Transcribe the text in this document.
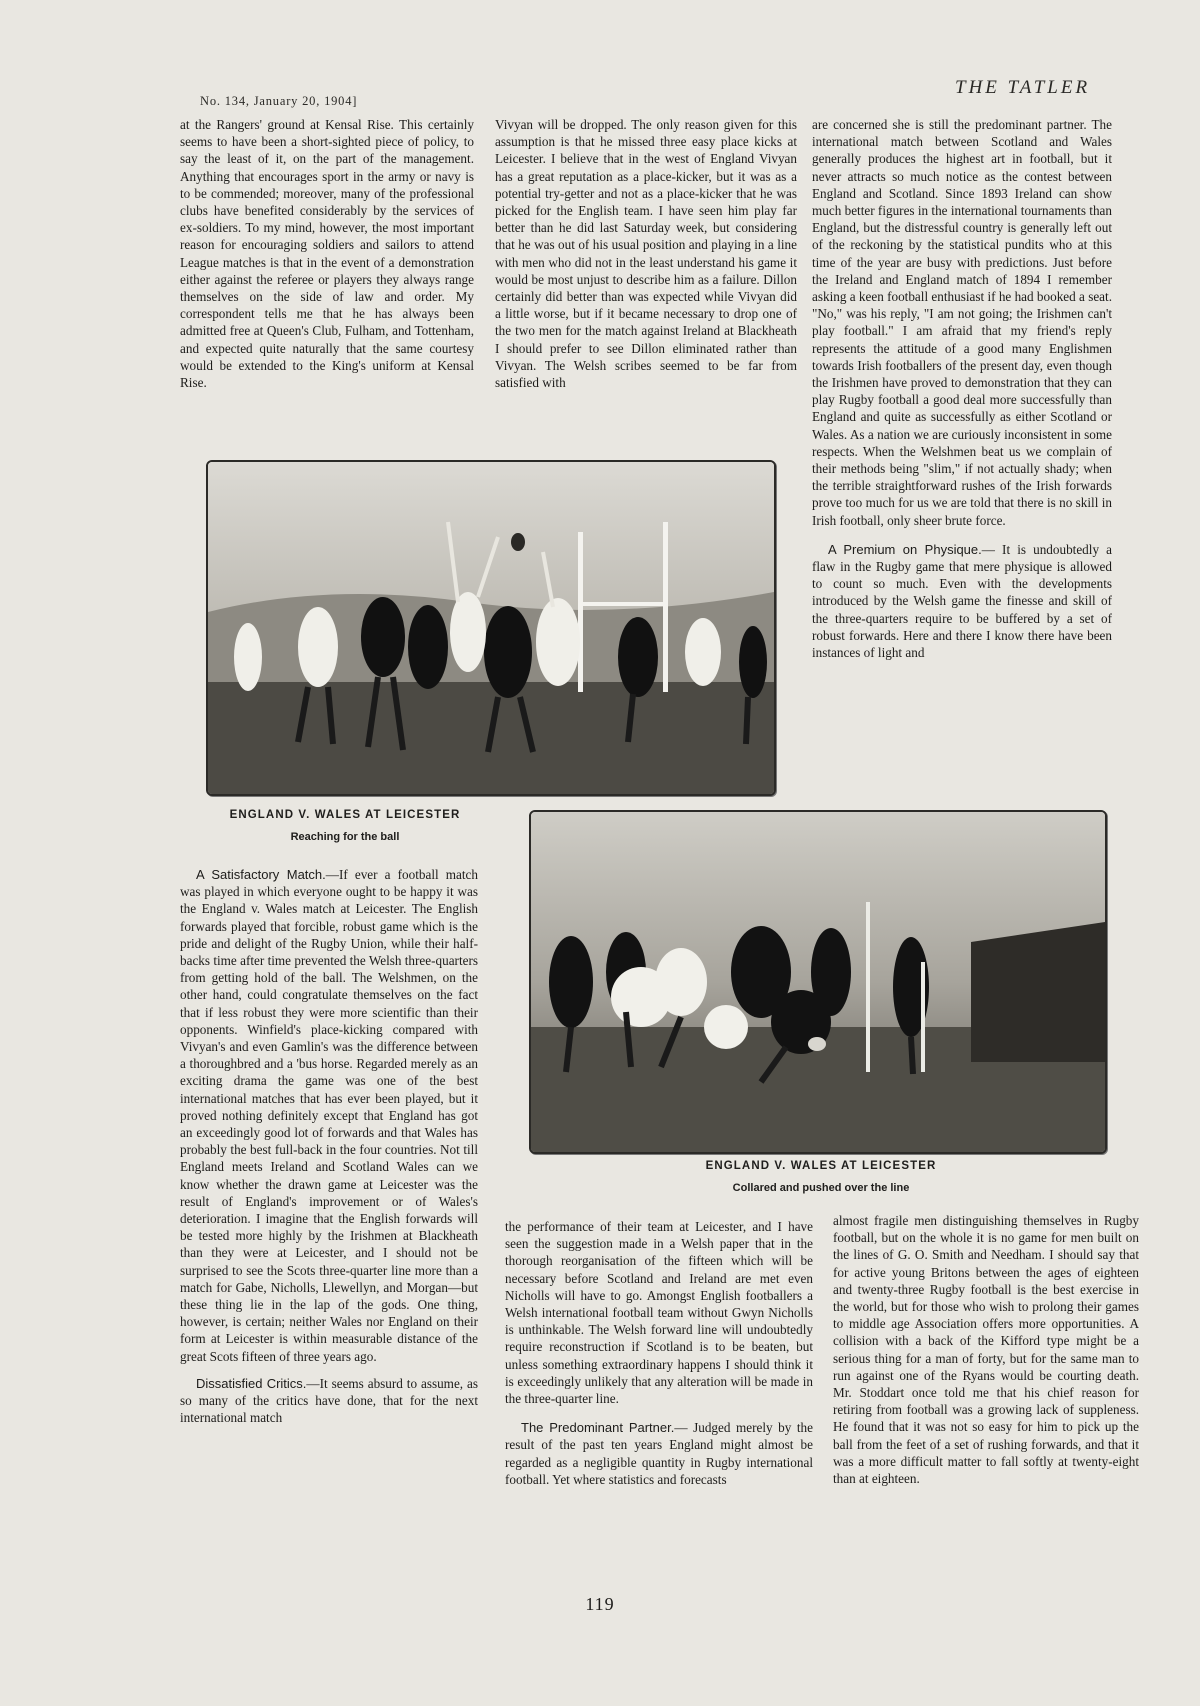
No. 134, January 20, 1904]
THE TATLER

at the Rangers' ground at Kensal Rise. This certainly seems to have been a short-sighted piece of policy, to say the least of it, on the part of the management. Anything that encourages sport in the army or navy is to be commended; moreover, many of the professional clubs have benefited considerably by the services of ex-soldiers. To my mind, however, the most important reason for encouraging soldiers and sailors to attend League matches is that in the event of a demonstration either against the referee or players they always range themselves on the side of law and order. My correspondent tells me that he has always been admitted free at Queen's Club, Fulham, and Tottenham, and expected quite naturally that the same courtesy would be extended to the King's uniform at Kensal Rise.

Vivyan will be dropped. The only reason given for this assumption is that he missed three easy place kicks at Leicester. I believe that in the west of England Vivyan has a great reputation as a place-kicker, but it was as a potential try-getter and not as a place-kicker that he was picked for the English team. I have seen him play far better than he did last Saturday week, but considering that he was out of his usual position and playing in a line with men who did not in the least understand his game it would be most unjust to describe him as a failure. Dillon certainly did better than was expected while Vivyan did a little worse, but if it became necessary to drop one of the two men for the match against Ireland at Blackheath I should prefer to see Dillon eliminated rather than Vivyan. The Welsh scribes seemed to be far from satisfied with

are concerned she is still the predominant partner. The international match between Scotland and Wales generally produces the highest art in football, but it never attracts so much notice as the contest between England and Scotland. Since 1893 Ireland can show much better figures in the international tournaments than England, but the distressful country is generally left out of the reckoning by the statistical pundits who at this time of the year are busy with predictions. Just before the Ireland and England match of 1894 I remember asking a keen football enthusiast if he had booked a seat. "No," was his reply, "I am not going; the Irishmen can't play football." I am afraid that my friend's reply represents the attitude of a good many Englishmen towards Irish footballers of the present day, even though the Irishmen have proved to demonstration that they can play Rugby football a good deal more successfully than England and quite as successfully as either Scotland or Wales. As a nation we are curiously inconsistent in some respects. When the Welshmen beat us we complain of their methods being "slim," if not actually shady; when the terrible straightforward rushes of the Irish forwards prove too much for us we are told that there is no skill in Irish football, only sheer brute force.

A Premium on Physique.— It is undoubtedly a flaw in the Rugby game that mere physique is allowed to count so much. Even with the developments introduced by the Welsh game the finesse and skill of the three-quarters require to be buffered by a set of robust forwards. Here and there I know there have been instances of light and

ENGLAND V. WALES AT LEICESTER
Reaching for the ball
ENGLAND V. WALES AT LEICESTER
Collared and pushed over the line

A Satisfactory Match.—If ever a football match was played in which everyone ought to be happy it was the England v. Wales match at Leicester. The English forwards played that forcible, robust game which is the pride and delight of the Rugby Union, while their half-backs time after time prevented the Welsh three-quarters from getting hold of the ball. The Welshmen, on the other hand, could congratulate themselves on the fact that if less robust they were more scientific than their opponents. Winfield's place-kicking compared with Vivyan's and even Gamlin's was the difference between a thoroughbred and a 'bus horse. Regarded merely as an exciting drama the game was one of the best international matches that has ever been played, but it proved nothing definitely except that England has got an exceedingly good lot of forwards and that Wales has probably the best full-back in the four countries. Not till England meets Ireland and Scotland Wales can we know whether the drawn game at Leicester was the result of England's improvement or of Wales's deterioration. I imagine that the English forwards will be tested more highly by the Irishmen at Blackheath than they were at Leicester, and I should not be surprised to see the Scots three-quarter line more than a match for Gabe, Nicholls, Llewellyn, and Morgan—but these thing lie in the lap of the gods. One thing, however, is certain; neither Wales nor England on their form at Leicester is within measurable distance of the great Scots fifteen of three years ago.

Dissatisfied Critics.—It seems absurd to assume, as so many of the critics have done, that for the next international match

the performance of their team at Leicester, and I have seen the suggestion made in a Welsh paper that in the thorough reorganisation of the fifteen which will be necessary before Scotland and Ireland are met even Nicholls will have to go. Amongst English footballers a Welsh international football team without Gwyn Nicholls is unthinkable. The Welsh forward line will undoubtedly require reconstruction if Scotland is to be beaten, but unless something extraordinary happens I should think it is exceedingly unlikely that any alteration will be made in the three-quarter line.

The Predominant Partner.— Judged merely by the result of the past ten years England might almost be regarded as a negligible quantity in Rugby international football. Yet where statistics and forecasts

almost fragile men distinguishing themselves in Rugby football, but on the whole it is no game for men built on the lines of G. O. Smith and Needham. I should say that for active young Britons between the ages of eighteen and twenty-three Rugby football is the best exercise in the world, but for those who wish to prolong their games to middle age Association offers more opportunities. A collision with a back of the Kifford type might be a serious thing for a man of forty, but for the same man to run against one of the Ryans would be courting death. Mr. Stoddart once told me that his chief reason for retiring from football was a growing lack of suppleness. He found that it was not so easy for him to pick up the ball from the feet of a set of rushing forwards, and that it was a more difficult matter to fall softly at twenty-eight than at eighteen.

119
